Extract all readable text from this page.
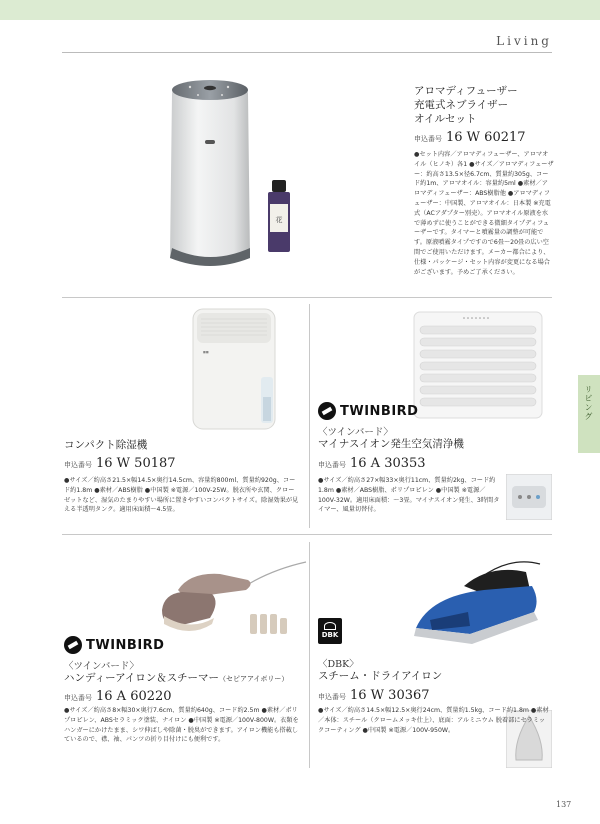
Living
リビング
花
アロマディフューザー
充電式ネブライザー
オイルセット
申込番号 16 W 60217
●セット内容／アロマディフューザー、アロマオイル（ヒノキ）各1 ●サイズ／アロマディフューザー：約高さ13.5×径6.7cm、質量約305g、コード約1m、アロマオイル：容量約5ml ●素材／アロマディフューザー：ABS樹脂他 ●アロマディフューザー：中国製、アロマオイル：日本製 ※充電式（ACアダプター別売）。アロマオイル原液を水で薄めずに使うことができる微細タイプディフューザーです。タイマーと噴霧量の調整が可能です。原液噴霧タイプですので6畳〜20畳の広い空間でご使用いただけます。メーカー都合により、仕様・パッケージ・セット内容が変更になる場合がございます。予めご了承ください。
■■
コンパクト除湿機
申込番号 16 W 50187
●サイズ／約高さ21.5×幅14.5×奥行14.5cm、容量約800ml、質量約920g、コード約1.8m ●素材／ABS樹脂 ●中国製 ※電源／100V-25W。脱衣所や玄関、クローゼットなど、湿気のたまりやすい場所に置きやすいコンパクトサイズ。除湿効果が見える半透明タンク。適用床面積〜4.5畳。
TWINBIRD
〈ツインバード〉
マイナスイオン発生空気清浄機
申込番号 16 A 30353
●サイズ／約高さ27×幅33×奥行11cm、質量約2kg、コード約1.8m ●素材／ABS樹脂、ポリプロピレン ●中国製 ※電源／100V-32W。適用床面積：〜3畳。マイナスイオン発生、3時間タイマー、風量切替付。
TWINBIRD
〈ツインバード〉
ハンディーアイロン＆スチーマー（セピアアイボリー）
申込番号 16 A 60220
●サイズ／約高さ8×幅30×奥行7.6cm、質量約640g、コード約2.5m ●素材／ポリプロピレン、ABSセラミック塗装、ナイロン ●中国製 ※電源／100V-800W。衣類をハンガーにかけたまま、シワ伸ばしや除菌・脱臭ができます。アイロン機能も搭載しているので、襟、袖、パンツの折り目付けにも便利です。
DBK
〈DBK〉
スチーム・ドライアイロン
申込番号 16 W 30367
●サイズ／約高さ14.5×幅12.5×奥行24cm、質量約1.5kg、コード約1.8m ●素材／本体：スチール（クロームメッキ仕上）、底面：アルミニウム 脱着部にセラミックコーティング ●中国製 ※電源／100V-950W。
137
